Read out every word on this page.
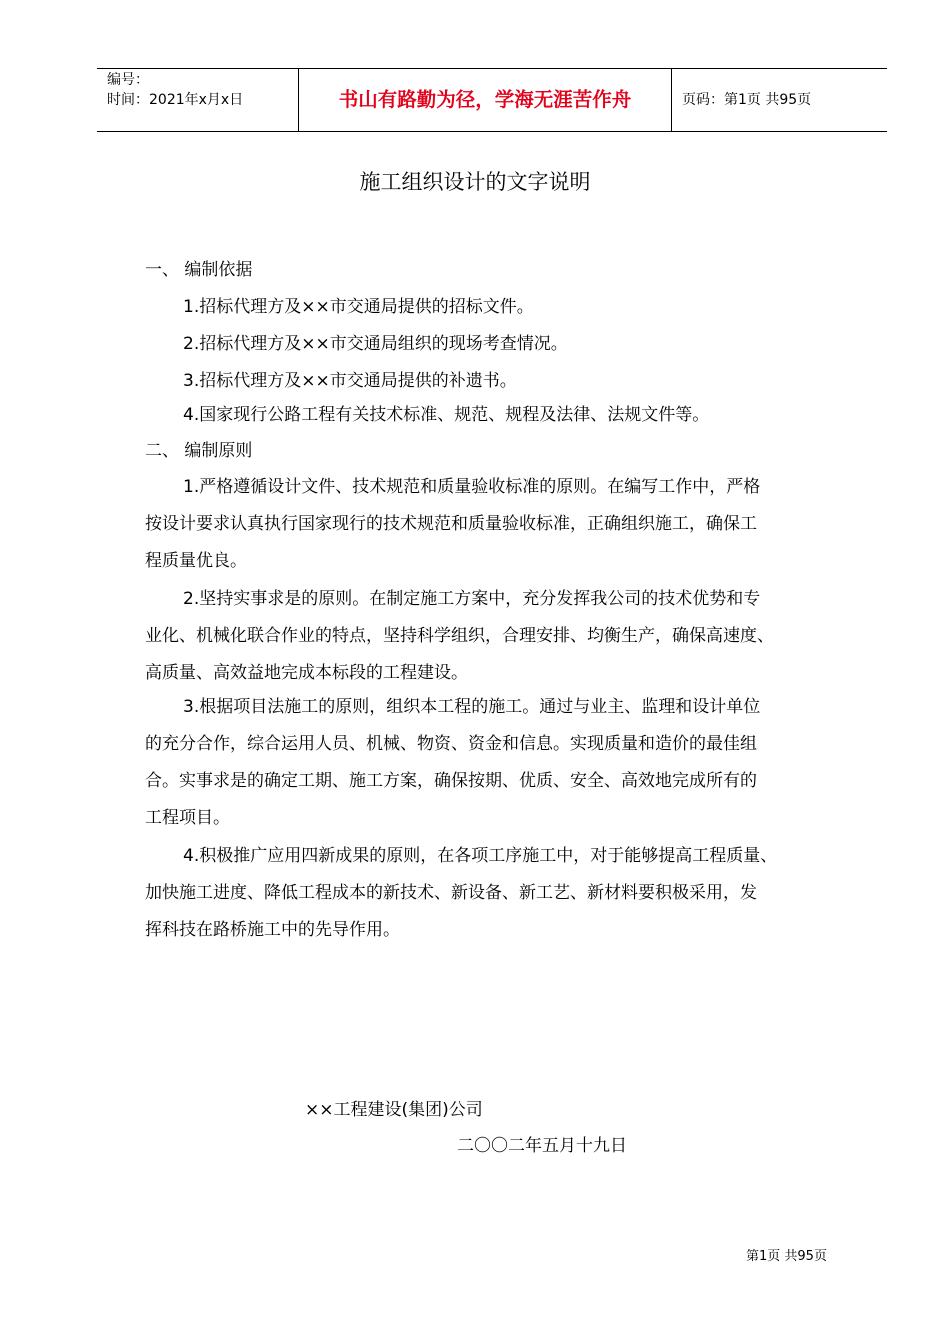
编号：
时间：2021年x月x日	书山有路勤为径，学海无涯苦作舟	页码：第1页 共95页
施工组织设计的文字说明

一、 编制依据

1.招标代理方及××市交通局提供的招标文件。

2.招标代理方及××市交通局组织的现场考查情况。

3.招标代理方及××市交通局提供的补遗书。

4.国家现行公路工程有关技术标准、规范、规程及法律、法规文件等。

二、 编制原则

1.严格遵循设计文件、技术规范和质量验收标准的原则。在编写工作中，严格
按设计要求认真执行国家现行的技术规范和质量验收标准，正确组织施工，确保工
程质量优良。
2.坚持实事求是的原则。在制定施工方案中，充分发挥我公司的技术优势和专
业化、机械化联合作业的特点，坚持科学组织，合理安排、均衡生产，确保高速度、
高质量、高效益地完成本标段的工程建设。
3.根据项目法施工的原则，组织本工程的施工。通过与业主、监理和设计单位
的充分合作，综合运用人员、机械、物资、资金和信息。实现质量和造价的最佳组
合。实事求是的确定工期、施工方案，确保按期、优质、安全、高效地完成所有的
工程项目。
4.积极推广应用四新成果的原则，在各项工序施工中，对于能够提高工程质量、
加快施工进度、降低工程成本的新技术、新设备、新工艺、新材料要积极采用，发
挥科技在路桥施工中的先导作用。
××工程建设(集团)公司
二〇〇二年五月十九日
第1页 共95页
